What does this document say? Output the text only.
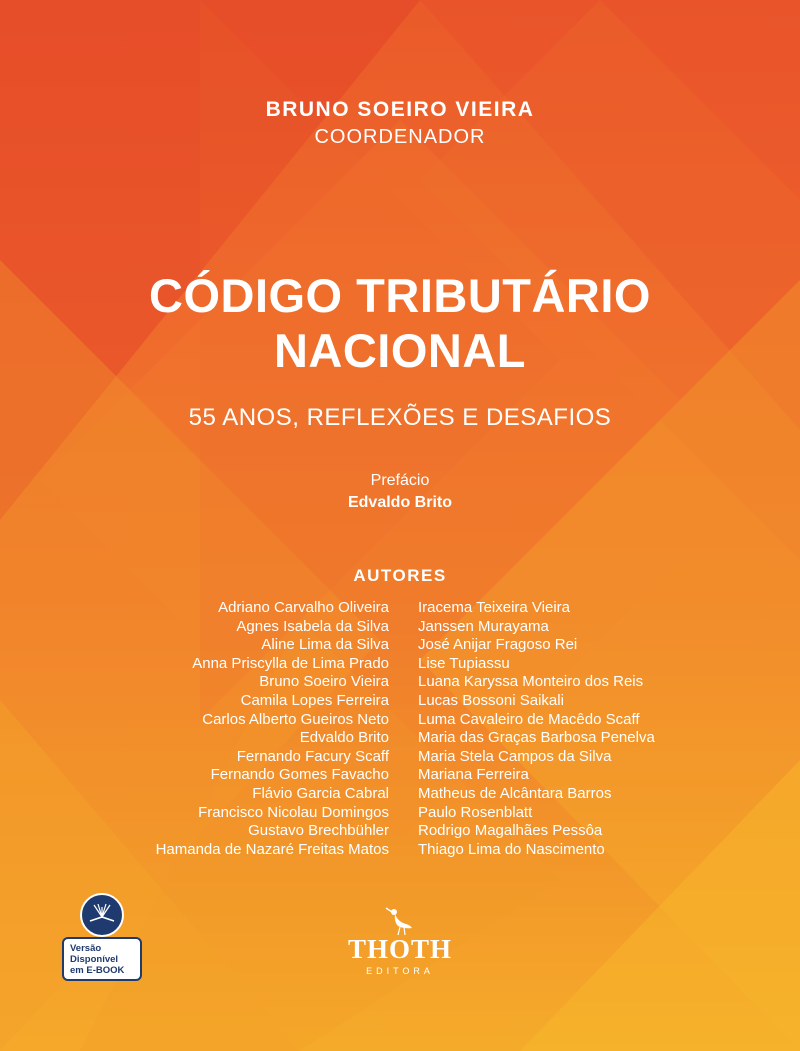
BRUNO SOEIRO VIEIRA
COORDENADOR
CÓDIGO TRIBUTÁRIO
NACIONAL
55 ANOS, REFLEXÕES E DESAFIOS
Prefácio
Edvaldo Brito
AUTORES
Adriano Carvalho Oliveira
Agnes Isabela da Silva
Aline Lima da Silva
Anna Priscylla de Lima Prado
Bruno Soeiro Vieira
Camila Lopes Ferreira
Carlos Alberto Gueiros Neto
Edvaldo Brito
Fernando Facury Scaff
Fernando Gomes Favacho
Flávio Garcia Cabral
Francisco Nicolau Domingos
Gustavo Brechbühler
Hamanda de Nazaré Freitas Matos
Iracema Teixeira Vieira
Janssen Murayama
José Anijar Fragoso Rei
Lise Tupiassu
Luana Karyssa Monteiro dos Reis
Lucas Bossoni Saikali
Luma Cavaleiro de Macêdo Scaff
Maria das Graças Barbosa Penelva
Maria Stela Campos da Silva
Mariana Ferreira
Matheus de Alcântara Barros
Paulo Rosenblatt
Rodrigo Magalhães Pessôa
Thiago Lima do Nascimento
Versão
Disponível
em E-BOOK
THOTH
EDITORA
